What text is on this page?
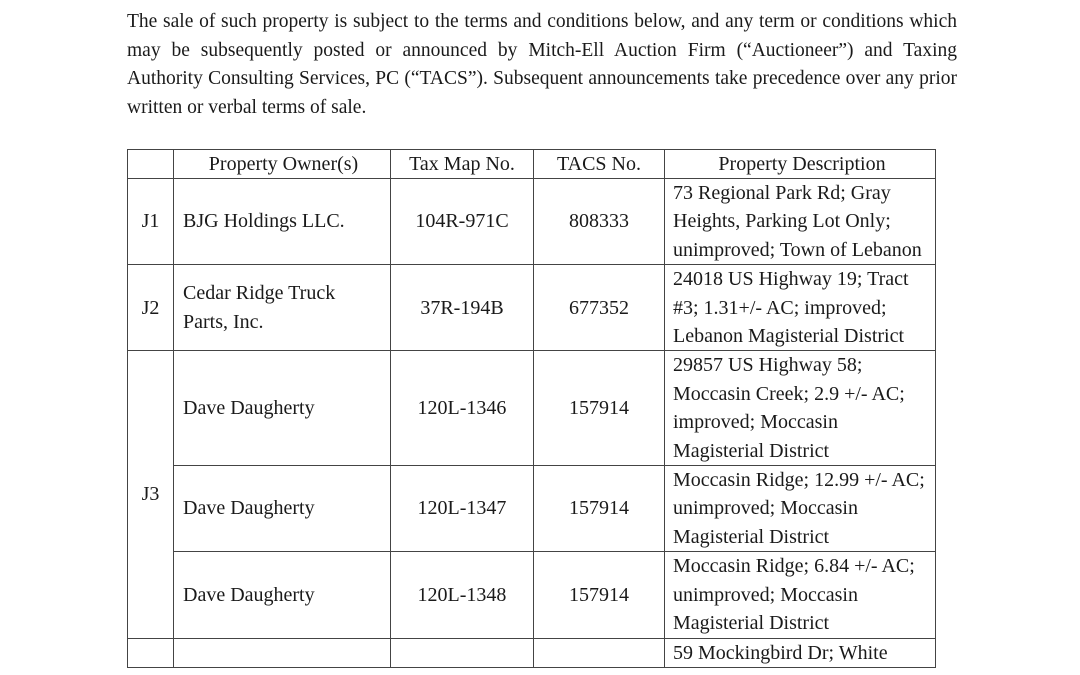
The sale of such property is subject to the terms and conditions below, and any term or conditions which may be subsequently posted or announced by Mitch-Ell Auction Firm (“Auctioneer”) and Taxing Authority Consulting Services, PC (“TACS”). Subsequent announcements take precedence over any prior written or verbal terms of sale.

	Property Owner(s)	Tax Map No.	TACS No.	Property Description
J1	BJG Holdings LLC.	104R-971C	808333	73 Regional Park Rd; Gray Heights, Parking Lot Only; unimproved; Town of Lebanon
J2	Cedar Ridge Truck Parts, Inc.	37R-194B	677352	24018 US Highway 19; Tract #3; 1.31+/- AC; improved; Lebanon Magisterial District
J3	Dave Daugherty	120L-1346	157914	29857 US Highway 58; Moccasin Creek; 2.9 +/- AC; improved; Moccasin Magisterial District
	Dave Daugherty	120L-1347	157914	Moccasin Ridge; 12.99 +/- AC; unimproved; Moccasin Magisterial District
	Dave Daugherty	120L-1348	157914	Moccasin Ridge; 6.84 +/- AC; unimproved; Moccasin Magisterial District
				59 Mockingbird Dr; White
